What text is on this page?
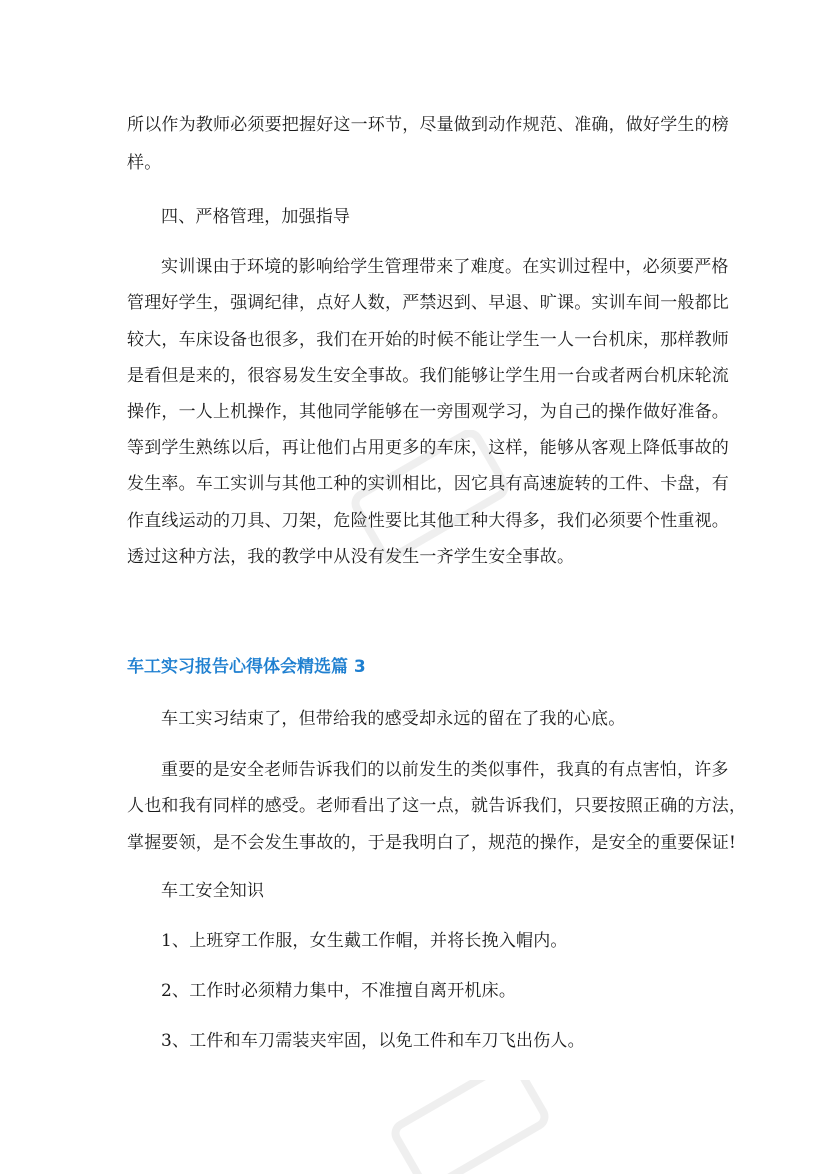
所以作为教师必须要把握好这一环节，尽量做到动作规范、准确，做好学生的榜
样。
四、严格管理，加强指导
实训课由于环境的影响给学生管理带来了难度。在实训过程中，必须要严格
管理好学生，强调纪律，点好人数，严禁迟到、早退、旷课。实训车间一般都比
较大，车床设备也很多，我们在开始的时候不能让学生一人一台机床，那样教师
是看但是来的，很容易发生安全事故。我们能够让学生用一台或者两台机床轮流
操作，一人上机操作，其他同学能够在一旁围观学习，为自己的操作做好准备。
等到学生熟练以后，再让他们占用更多的车床，这样，能够从客观上降低事故的
发生率。车工实训与其他工种的实训相比，因它具有高速旋转的工件、卡盘，有
作直线运动的刀具、刀架，危险性要比其他工种大得多，我们必须要个性重视。
透过这种方法，我的教学中从没有发生一齐学生安全事故。
车工实习报告心得体会精选篇 3
车工实习结束了，但带给我的感受却永远的留在了我的心底。
重要的是安全老师告诉我们的以前发生的类似事件，我真的有点害怕，许多
人也和我有同样的感受。老师看出了这一点，就告诉我们，只要按照正确的方法，
掌握要领，是不会发生事故的，于是我明白了，规范的操作，是安全的重要保证!
车工安全知识
1、上班穿工作服，女生戴工作帽，并将长挽入帽内。
2、工作时必须精力集中，不准擅自离开机床。
3、工件和车刀需装夹牢固，以免工件和车刀飞出伤人。
